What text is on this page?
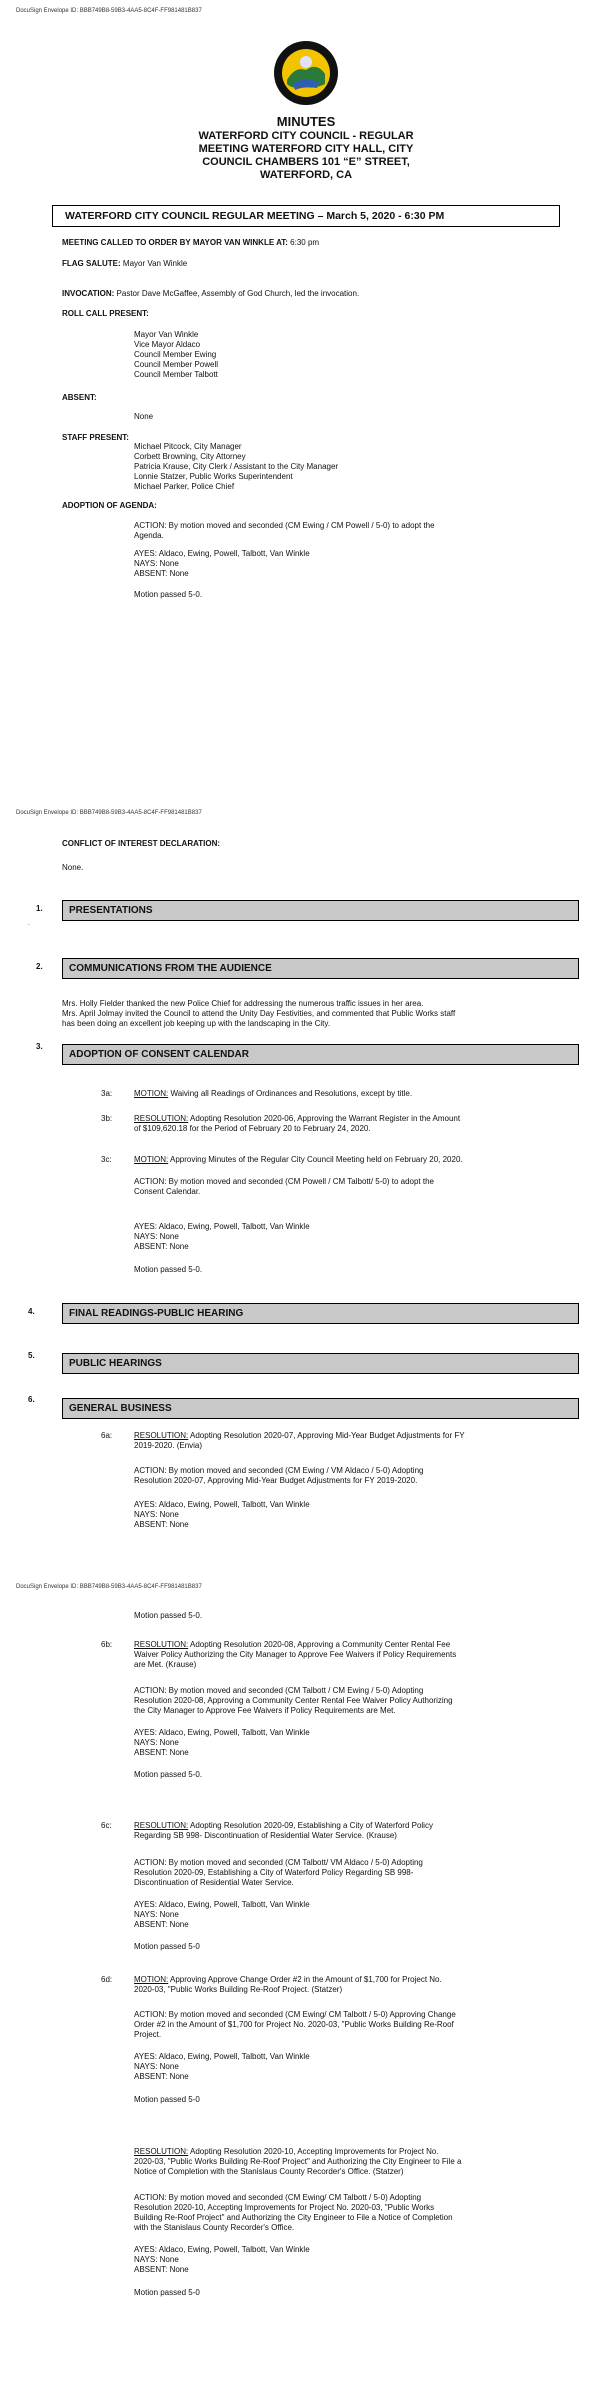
DocuSign Envelope ID: BBB749B8-59B3-4AA5-8C4F-FF981481B837
MINUTES
WATERFORD CITY COUNCIL - REGULAR
MEETING WATERFORD CITY HALL, CITY
COUNCIL CHAMBERS 101 “E” STREET,
WATERFORD, CA
WATERFORD CITY COUNCIL REGULAR MEETING – March 5, 2020 - 6:30 PM
MEETING CALLED TO ORDER BY MAYOR VAN WINKLE AT: 6:30 pm
FLAG SALUTE: Mayor Van Winkle
INVOCATION: Pastor Dave McGaffee, Assembly of God Church, led the invocation.
ROLL CALL PRESENT:
Mayor Van Winkle
Vice Mayor Aldaco
Council Member Ewing
Council Member Powell
Council Member Talbott
ABSENT:
None
STAFF PRESENT:
Michael Pitcock, City Manager
Corbett Browning, City Attorney
Patricia Krause, City Clerk / Assistant to the City Manager
Lonnie Statzer, Public Works Superintendent
Michael Parker, Police Chief
ADOPTION OF AGENDA:
ACTION: By motion moved and seconded (CM Ewing / CM Powell / 5-0) to adopt the
Agenda.
AYES: Aldaco, Ewing, Powell, Talbott, Van Winkle
NAYS: None
ABSENT: None
Motion passed 5-0.
DocuSign Envelope ID: BBB749B8-59B3-4AA5-8C4F-FF981481B837
CONFLICT OF INTEREST DECLARATION:
None.
1.	PRESENTATIONS
.
2.	COMMUNICATIONS FROM THE AUDIENCE
Mrs. Holly Fielder thanked the new Police Chief for addressing the numerous traffic issues in her area.
Mrs. April Jolmay invited the Council to attend the Unity Day Festivities, and commented that Public Works staff
has been doing an excellent job keeping up with the landscaping in the City.
3.
ADOPTION OF CONSENT CALENDAR
3a:	MOTION: Waiving all Readings of Ordinances and Resolutions, except by title.
3b:	RESOLUTION: Adopting Resolution 2020-06, Approving the Warrant Register in the Amount
of $109,620.18 for the Period of February 20 to February 24, 2020.
3c:	MOTION: Approving Minutes of the Regular City Council Meeting held on February 20, 2020.
ACTION: By motion moved and seconded (CM Powell / CM Talbott/ 5-0) to adopt the
Consent Calendar.
AYES: Aldaco, Ewing, Powell, Talbott, Van Winkle
NAYS: None
ABSENT: None
Motion passed 5-0.
4.	FINAL READINGS-PUBLIC HEARING
5.
PUBLIC HEARINGS
6.
GENERAL BUSINESS
6a:	RESOLUTION: Adopting Resolution 2020-07, Approving Mid-Year Budget Adjustments for FY
2019-2020. (Envia)
ACTION: By motion moved and seconded (CM Ewing / VM Aldaco / 5-0) Adopting
Resolution 2020-07, Approving Mid-Year Budget Adjustments for FY 2019-2020.
AYES: Aldaco, Ewing, Powell, Talbott, Van Winkle
NAYS: None
ABSENT: None
DocuSign Envelope ID: BBB749B8-59B3-4AA5-8C4F-FF981481B837
Motion passed 5-0.
6b:	RESOLUTION: Adopting Resolution 2020-08, Approving a Community Center Rental Fee
Waiver Policy Authorizing the City Manager to Approve Fee Waivers if Policy Requirements
are Met. (Krause)
ACTION: By motion moved and seconded (CM Talbott / CM Ewing / 5-0) Adopting
Resolution 2020-08, Approving a Community Center Rental Fee Waiver Policy Authorizing
the City Manager to Approve Fee Waivers if Policy Requirements are Met.
AYES: Aldaco, Ewing, Powell, Talbott, Van Winkle
NAYS: None
ABSENT: None
Motion passed 5-0.
6c:	RESOLUTION: Adopting Resolution 2020-09, Establishing a City of Waterford Policy
Regarding SB 998- Discontinuation of Residential Water Service. (Krause)
ACTION: By motion moved and seconded (CM Talbott/ VM Aldaco / 5-0) Adopting
Resolution 2020-09, Establishing a City of Waterford Policy Regarding SB 998-
Discontinuation of Residential Water Service.
AYES: Aldaco, Ewing, Powell, Talbott, Van Winkle
NAYS: None
ABSENT: None
Motion passed 5-0
6d:	MOTION: Approving Approve Change Order #2 in the Amount of $1,700 for Project No.
2020-03, "Public Works Building Re-Roof Project. (Statzer)
ACTION: By motion moved and seconded (CM Ewing/ CM Talbott / 5-0) Approving Change
Order #2 in the Amount of $1,700 for Project No. 2020-03, "Public Works Building Re-Roof
Project.
AYES: Aldaco, Ewing, Powell, Talbott, Van Winkle
NAYS: None
ABSENT: None
Motion passed 5-0
RESOLUTION: Adopting Resolution 2020-10, Accepting Improvements for Project No.
2020-03, "Public Works Building Re-Roof Project" and Authorizing the City Engineer to File a
Notice of Completion with the Stanislaus County Recorder's Office. (Statzer)
ACTION: By motion moved and seconded (CM Ewing/ CM Talbott / 5-0) Adopting
Resolution 2020-10, Accepting Improvements for Project No. 2020-03, "Public Works
Building Re-Roof Project" and Authorizing the City Engineer to File a Notice of Completion
with the Stanislaus County Recorder's Office.
AYES: Aldaco, Ewing, Powell, Talbott, Van Winkle
NAYS: None
ABSENT: None
Motion passed 5-0
